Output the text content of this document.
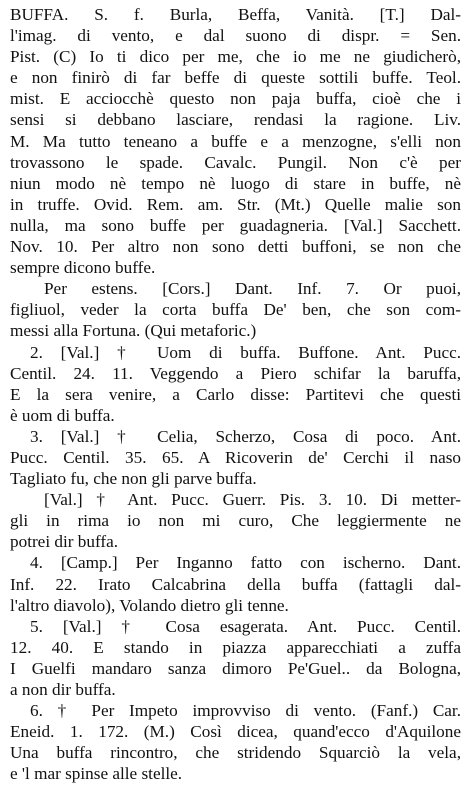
BUFFA. S. f. Burla, Beffa, Vanità. [T.] Dal-
l'imag. di vento, e dal suono di dispr. = Sen.
Pist. (C) Io ti dico per me, che io me ne giudicherò,
e non finirò di far beffe di queste sottili buffe. Teol.
mist. E acciocchè questo non paja buffa, cioè che i
sensi si debbano lasciare, rendasi la ragione. Liv.
M. Ma tutto teneano a buffe e a menzogne, s'elli non
trovassono le spade. Cavalc. Pungil. Non c'è per
niun modo nè tempo nè luogo di stare in buffe, nè
in truffe. Ovid. Rem. am. Str. (Mt.) Quelle malie son
nulla, ma sono buffe per guadagneria. [Val.] Sacchett.
Nov. 10. Per altro non sono detti buffoni, se non che
sempre dicono buffe.
Per estens. [Cors.] Dant. Inf. 7. Or puoi,
figliuol, veder la corta buffa De' ben, che son com-
messi alla Fortuna. (Qui metaforic.)
2. [Val.] † Uom di buffa. Buffone. Ant. Pucc.
Centil. 24. 11. Veggendo a Piero schifar la baruffa,
E la sera venire, a Carlo disse: Partitevi che questi
è uom di buffa.
3. [Val.] † Celia, Scherzo, Cosa di poco. Ant.
Pucc. Centil. 35. 65. A Ricoverin de' Cerchi il naso
Tagliato fu, che non gli parve buffa.
[Val.] † Ant. Pucc. Guerr. Pis. 3. 10. Di metter-
gli in rima io non mi curo, Che leggiermente ne
potrei dir buffa.
4. [Camp.] Per Inganno fatto con ischerno. Dant.
Inf. 22. Irato Calcabrina della buffa (fattagli dal-
l'altro diavolo), Volando dietro gli tenne.
5. [Val.] † Cosa esagerata. Ant. Pucc. Centil.
12. 40. E stando in piazza apparecchiati a zuffa
I Guelfi mandaro sanza dimoro Pe'Guel.. da Bologna,
a non dir buffa.
6. † Per Impeto improvviso di vento. (Fanf.) Car.
Eneid. 1. 172. (M.) Così dicea, quand'ecco d'Aquilone
Una buffa rincontro, che stridendo Squarciò la vela,
e 'l mar spinse alle stelle.
